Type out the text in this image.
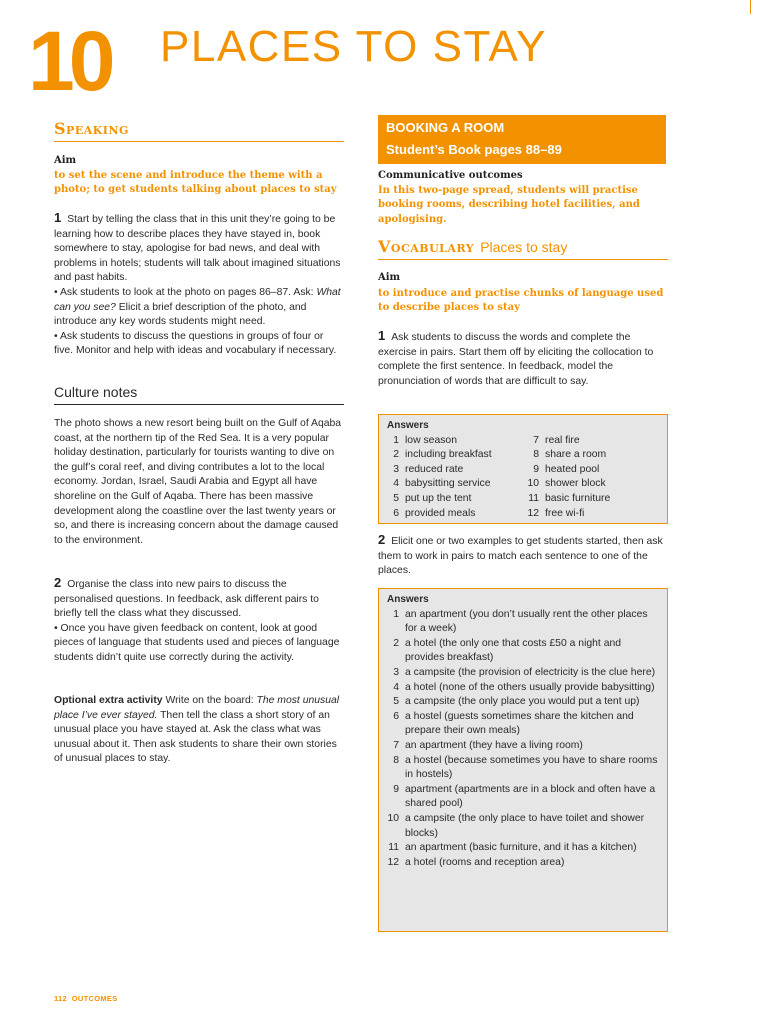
10 PLACES TO STAY
Speaking
Aim
to set the scene and introduce the theme with a photo; to get students talking about places to stay

1 Start by telling the class that in this unit they’re going to be learning how to describe places they have stayed in, book somewhere to stay, apologise for bad news, and deal with problems in hotels; students will talk about imagined situations and past habits.

• Ask students to look at the photo on pages 86–87. Ask: What can you see? Elicit a brief description of the photo, and introduce any key words students might need.

• Ask students to discuss the questions in groups of four or five. Monitor and help with ideas and vocabulary if necessary.

Culture notes
The photo shows a new resort being built on the Gulf of Aqaba coast, at the northern tip of the Red Sea. It is a very popular holiday destination, particularly for tourists wanting to dive on the gulf’s coral reef, and diving contributes a lot to the local economy. Jordan, Israel, Saudi Arabia and Egypt all have shoreline on the Gulf of Aqaba. There has been massive development along the coastline over the last twenty years or so, and there is increasing concern about the damage caused to the environment.

2 Organise the class into new pairs to discuss the personalised questions. In feedback, ask different pairs to briefly tell the class what they discussed.

• Once you have given feedback on content, look at good pieces of language that students used and pieces of language students didn’t quite use correctly during the activity.

Optional extra activity Write on the board: The most unusual place I’ve ever stayed. Then tell the class a short story of an unusual place you have stayed at. Ask the class what was unusual about it. Then ask students to share their own stories of unusual places to stay.

BOOKING A ROOM
Student’s Book pages 88–89
Communicative outcomes
In this two-page spread, students will practise booking rooms, describing hotel facilities, and apologising.
Vocabulary Places to stay
Aim
to introduce and practise chunks of language used to describe places to stay

1 Ask students to discuss the words and complete the exercise in pairs. Start them off by eliciting the collocation to complete the first sentence. In feedback, model the pronunciation of words that are difficult to say.

Answers
1 low season
2 including breakfast
3 reduced rate
4 babysitting service
5 put up the tent
6 provided meals
7 real fire
8 share a room
9 heated pool
10 shower block
11 basic furniture
12 free wi-fi

2 Elicit one or two examples to get students started, then ask them to work in pairs to match each sentence to one of the places.

Answers
1 an apartment (you don’t usually rent the other places for a week)
2 a hotel (the only one that costs £50 a night and provides breakfast)
3 a campsite (the provision of electricity is the clue here)
4 a hotel (none of the others usually provide babysitting)
5 a campsite (the only place you would put a tent up)
6 a hostel (guests sometimes share the kitchen and prepare their own meals)
7 an apartment (they have a living room)
8 a hostel (because sometimes you have to share rooms in hostels)
9 apartment (apartments are in a block and often have a shared pool)
10 a campsite (the only place to have toilet and shower blocks)
11 an apartment (basic furniture, and it has a kitchen)
12 a hotel (rooms and reception area)
112 OUTCOMES
